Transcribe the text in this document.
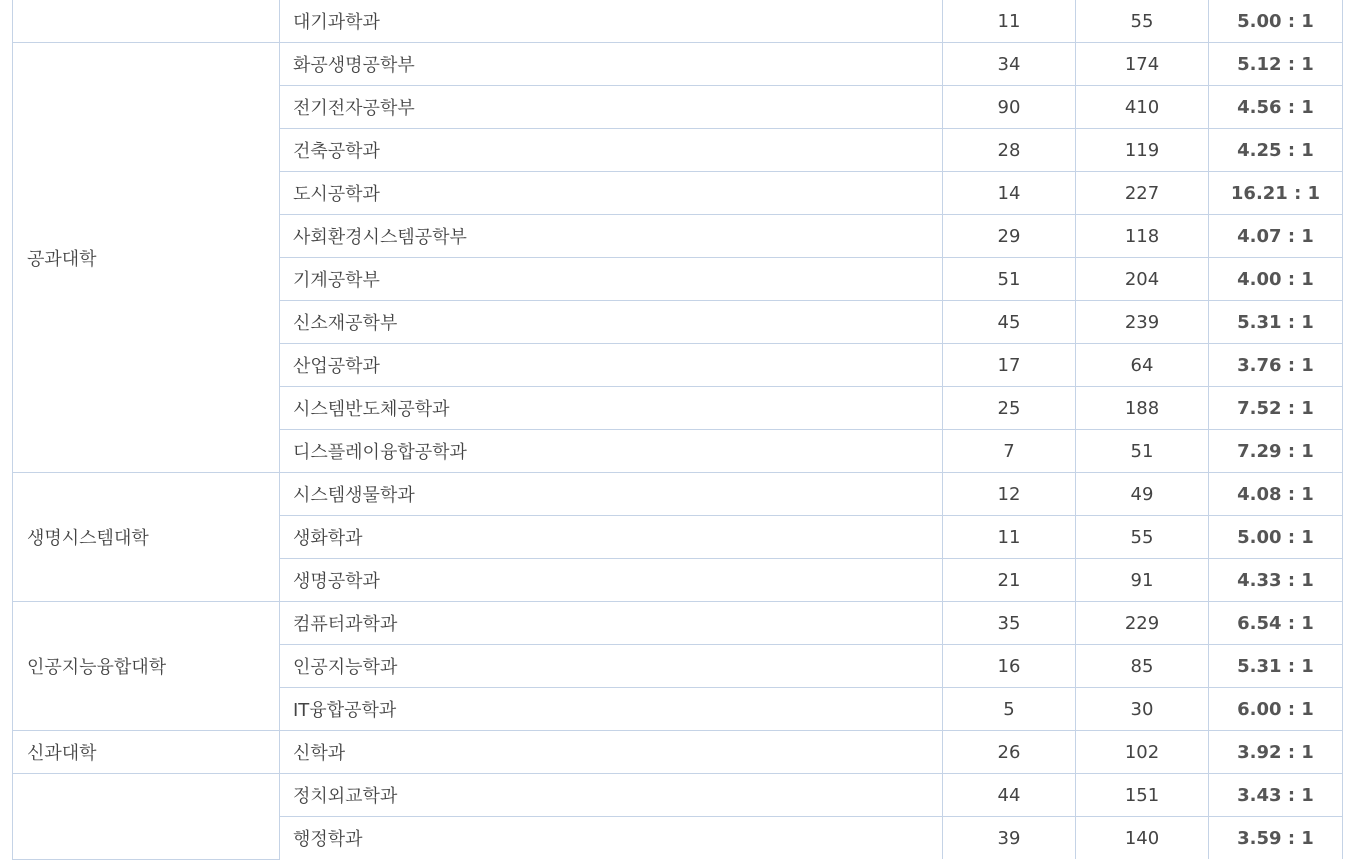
	대기과학과	11	55	5.00 : 1
공과대학	화공생명공학부	34	174	5.12 : 1
	전기전자공학부	90	410	4.56 : 1
	건축공학과	28	119	4.25 : 1
	도시공학과	14	227	16.21 : 1
	사회환경시스템공학부	29	118	4.07 : 1
	기계공학부	51	204	4.00 : 1
	신소재공학부	45	239	5.31 : 1
	산업공학과	17	64	3.76 : 1
	시스템반도체공학과	25	188	7.52 : 1
	디스플레이융합공학과	7	51	7.29 : 1
생명시스템대학	시스템생물학과	12	49	4.08 : 1
	생화학과	11	55	5.00 : 1
	생명공학과	21	91	4.33 : 1
인공지능융합대학	컴퓨터과학과	35	229	6.54 : 1
	인공지능학과	16	85	5.31 : 1
	IT융합공학과	5	30	6.00 : 1
신과대학	신학과	26	102	3.92 : 1
	정치외교학과	44	151	3.43 : 1
	행정학과	39	140	3.59 : 1
